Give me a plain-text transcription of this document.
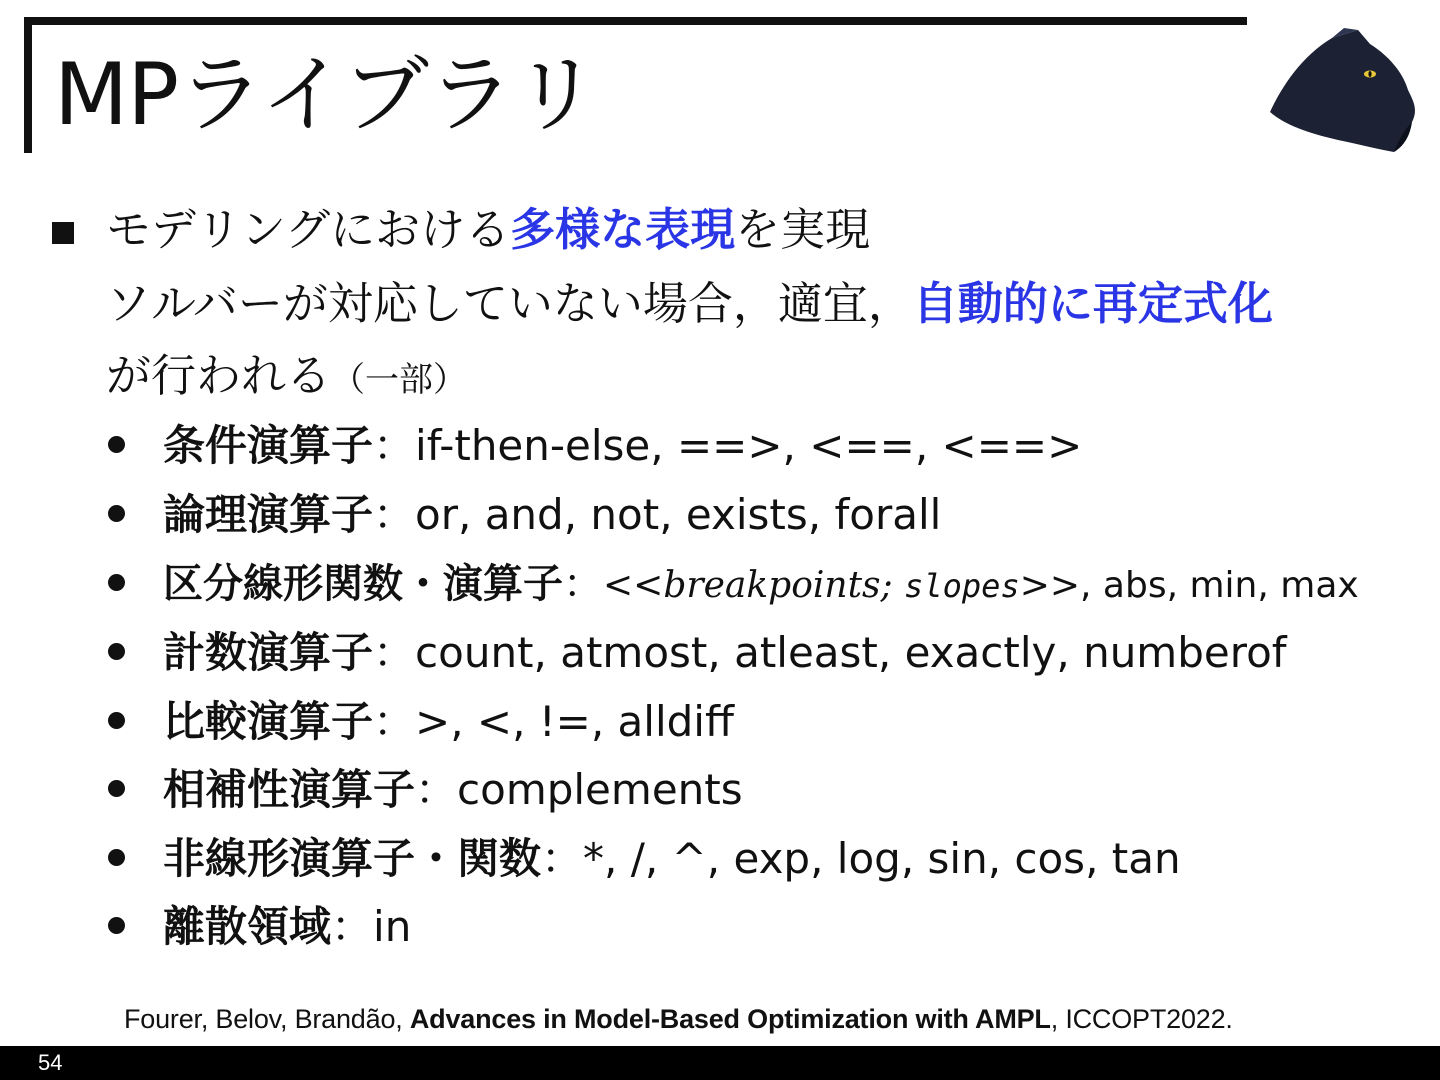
MPライブラリ
モデリングにおける多様な表現を実現
ソルバーが対応していない場合，適宜，自動的に再定式化
が行われる（一部）
条件演算子：if-then-else, ==>, <==, <==>
論理演算子：or, and, not, exists, forall
区分線形関数・演算子：<<breakpoints; slopes>>, abs, min, max
計数演算子：count, atmost, atleast, exactly, numberof
比較演算子：>, <, !=, alldiff
相補性演算子：complements
非線形演算子・関数：*, /, ^, exp, log, sin, cos, tan
離散領域：in
Fourer, Belov, Brandão, Advances in Model-Based Optimization with AMPL, ICCOPT2022.
54
